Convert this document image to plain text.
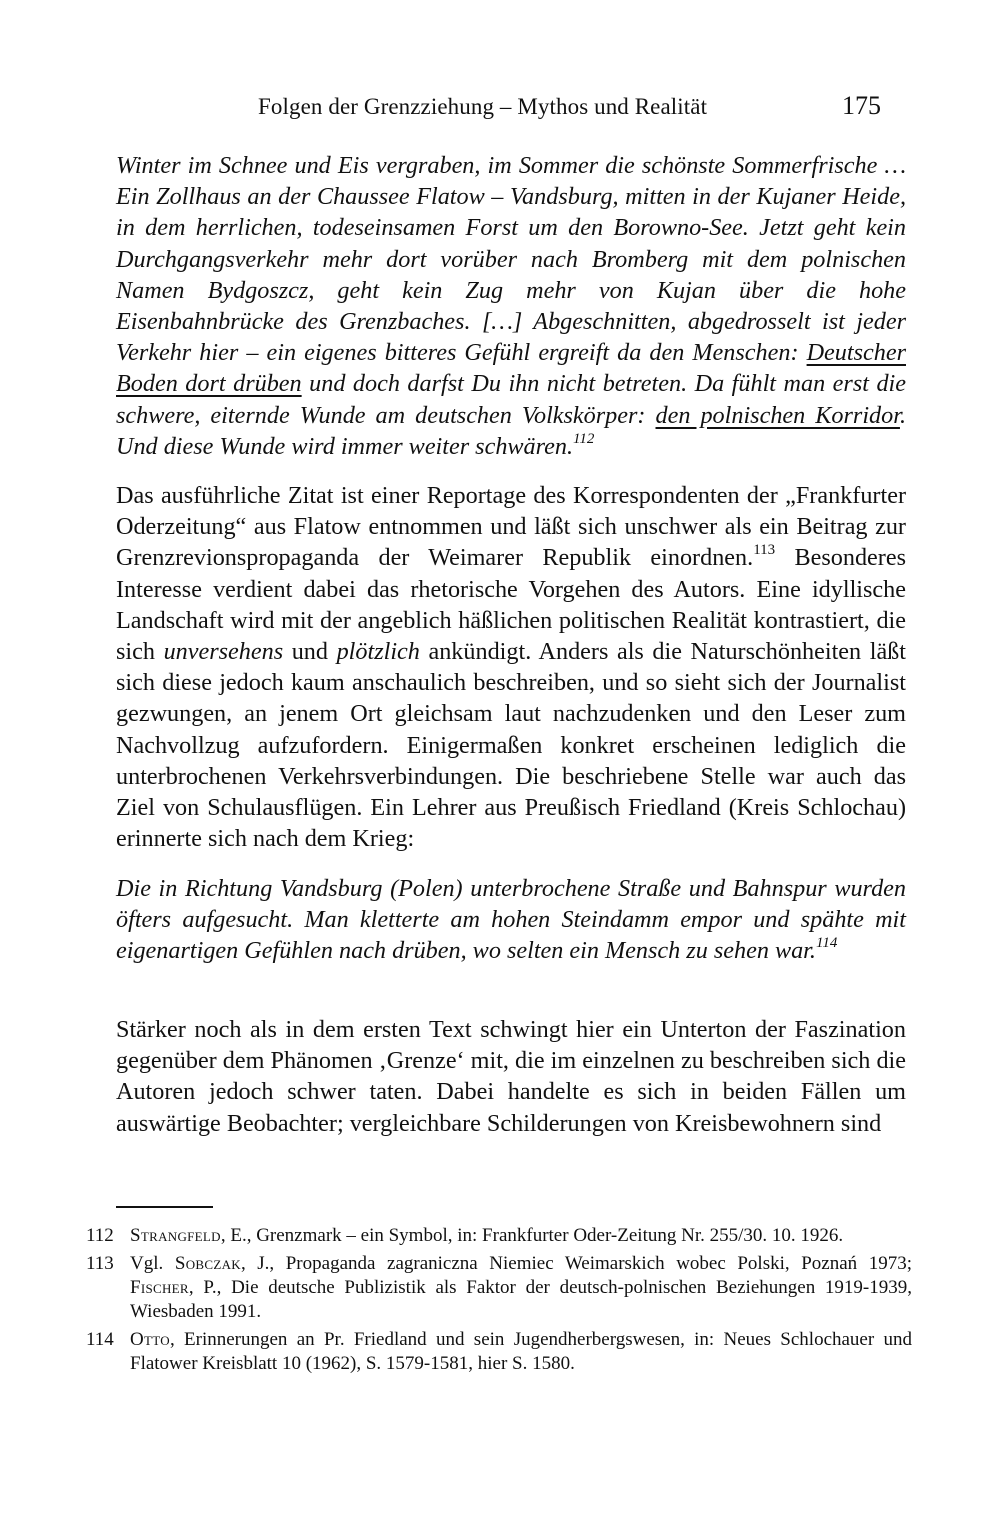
Folgen der Grenzziehung – Mythos und Realität	175
Winter im Schnee und Eis vergraben, im Sommer die schönste Sommerfrische … Ein Zollhaus an der Chaussee Flatow – Vandsburg, mitten in der Kujaner Heide, in dem herrlichen, todeseinsamen Forst um den Borowno-See. Jetzt geht kein Durchgangsverkehr mehr dort vorüber nach Bromberg mit dem polnischen Namen Bydgoszcz, geht kein Zug mehr von Kujan über die hohe Eisenbahnbrücke des Grenzbaches. […] Abgeschnitten, abgedrosselt ist jeder Verkehr hier – ein eigenes bitteres Gefühl ergreift da den Menschen: Deutscher Boden dort drüben und doch darfst Du ihn nicht betreten. Da fühlt man erst die schwere, eiternde Wunde am deutschen Volkskörper: den polnischen Korridor. Und diese Wunde wird immer weiter schwären.$^{112}$
Das ausführliche Zitat ist einer Reportage des Korrespondenten der „Frankfurter Oderzeitung“ aus Flatow entnommen und läßt sich unschwer als ein Beitrag zur Grenzrevionspropaganda der Weimarer Republik einordnen.$^{113}$ Besonderes Interesse verdient dabei das rhetorische Vorgehen des Autors. Eine idyllische Landschaft wird mit der angeblich häßlichen politischen Realität kontrastiert, die sich unversehens und plötzlich ankündigt. Anders als die Naturschönheiten läßt sich diese jedoch kaum anschaulich beschreiben, und so sieht sich der Journalist gezwungen, an jenem Ort gleichsam laut nachzudenken und den Leser zum Nachvollzug aufzufordern. Einigermaßen konkret erscheinen lediglich die unterbrochenen Verkehrsverbindungen. Die beschriebene Stelle war auch das Ziel von Schulausflügen. Ein Lehrer aus Preußisch Friedland (Kreis Schlochau) erinnerte sich nach dem Krieg:
Die in Richtung Vandsburg (Polen) unterbrochene Straße und Bahnspur wurden öfters aufgesucht. Man kletterte am hohen Steindamm empor und spähte mit eigenartigen Gefühlen nach drüben, wo selten ein Mensch zu sehen war.$^{114}$
Stärker noch als in dem ersten Text schwingt hier ein Unterton der Faszination gegenüber dem Phänomen ‚Grenze‘ mit, die im einzelnen zu beschreiben sich die Autoren jedoch schwer taten. Dabei handelte es sich in beiden Fällen um auswärtige Beobachter; vergleichbare Schilderungen von Kreisbewohnern sind
112 Strangfeld, E., Grenzmark – ein Symbol, in: Frankfurter Oder-Zeitung Nr. 255/30. 10. 1926.
113 Vgl. Sobczak, J., Propaganda zagraniczna Niemiec Weimarskich wobec Polski, Poznań 1973; Fischer, P., Die deutsche Publizistik als Faktor der deutsch-polnischen Beziehungen 1919-1939, Wiesbaden 1991.
114 Otto, Erinnerungen an Pr. Friedland und sein Jugendherbergswesen, in: Neues Schlochauer und Flatower Kreisblatt 10 (1962), S. 1579-1581, hier S. 1580.
